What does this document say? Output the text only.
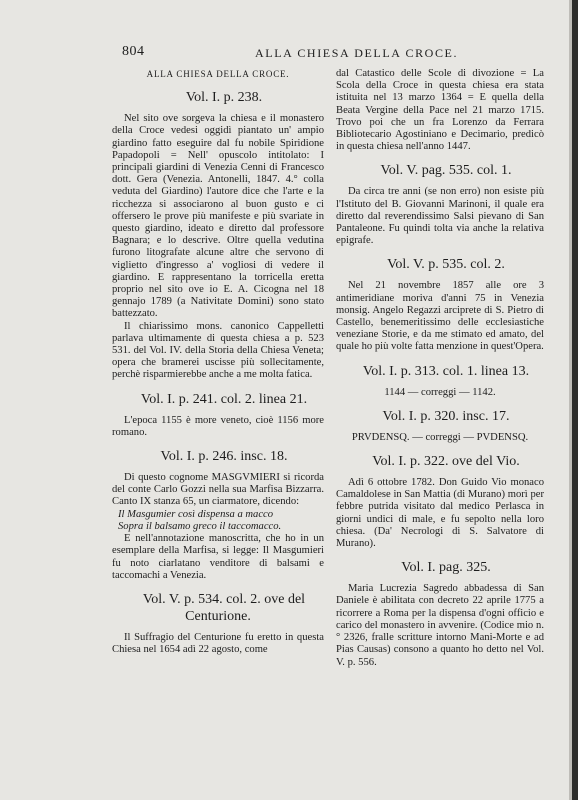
804	ALLA CHIESA DELLA CROCE.

ALLA CHIESA DELLA CROCE.

Vol. I. p. 238.

Nel sito ove sorgeva la chiesa e il monastero della Croce vedesi oggidì piantato un' ampio giardino fatto eseguire dal fu nobile Spiridione Papadopoli = Nell' opuscolo intitolato: I principali giardini di Venezia Cenni di Francesco dott. Gera (Venezia. Antonelli, 1847. 4.° colla veduta del Giardino) l'autore dice che l'arte e la ricchezza si associarono al buon gusto e ci offersero le prove più manifeste e più svariate in questo giardino, ideato e diretto dal professore Bagnara; e lo descrive. Oltre quella vedutina furono litografate alcune altre che servono di viglietto d'ingresso a' vogliosi di vedere il giardino. E rappresentano la torricella eretta proprio nel sito ove io E. A. Cicogna nel 18 gennajo 1789 (a Nativitate Domini) sono stato battezzato.

Il chiarissimo mons. canonico Cappelletti parlava ultimamente di questa chiesa a p. 523 531. del Vol. IV. della Storia della Chiesa Veneta; opera che bramerei uscisse più sollecitamente, perchè risparmierebbe anche a me molta fatica.

Vol. I. p. 241. col. 2. linea 21.

L'epoca 1155 è more veneto, cioè 1156 more romano.

Vol. I. p. 246. insc. 18.

Di questo cognome MASGVMIERI si ricorda del conte Carlo Gozzi nella sua Marfisa Bizzarra. Canto IX stanza 65, un ciarmatore, dicendo:

Il Masgumier così dispensa a macco

Sopra il balsamo greco il taccomacco.

E nell'annotazione manoscritta, che ho in un esemplare della Marfisa, si legge: Il Masgumieri fu noto ciarlatano venditore di balsami e taccomachi a Venezia.

Vol. V. p. 534. col. 2. ove del Centurione.

Il Suffragio del Centurione fu eretto in questa Chiesa nel 1654 adì 22 agosto, come

dal Catastico delle Scole di divozione = La Scola della Croce in questa chiesa era stata istituita nel 13 marzo 1364 = E quella della Beata Vergine della Pace nel 21 marzo 1715. Trovo poi che un fra Lorenzo da Ferrara Bibliotecario Agostiniano e Decimario, predicò in questa chiesa nell'anno 1447.

Vol. V. pag. 535. col. 1.

Da circa tre anni (se non erro) non esiste più l'Istituto del B. Giovanni Marinoni, il quale era diretto dal reverendissimo Salsi pievano di San Pantaleone. Fu quindi tolta via anche la relativa epigrafe.

Vol. V. p. 535. col. 2.

Nel 21 novembre 1857 alle ore 3 antimeridiane moriva d'anni 75 in Venezia monsig. Angelo Regazzi arciprete di S. Pietro di Castello, benemeritissimo delle ecclesiastiche veneziane Storie, e da me stimato ed amato, del quale ho più volte fatta menzione in quest'Opera.

Vol. I. p. 313. col. 1. linea 13.

1144 — correggi — 1142.

Vol. I. p. 320. insc. 17.

PRVDENSQ. — correggi — PVDENSQ.

Vol. I. p. 322. ove del Vio.

Adì 6 ottobre 1782. Don Guido Vio monaco Camaldolese in San Mattia (di Murano) morì per febbre putrida visitato dal medico Perlasca in giorni undici di male, e fu sepolto nella loro chiesa. (Da' Necrologi di S. Salvatore di Murano).

Vol. I. pag. 325.

Maria Lucrezia Sagredo abbadessa di San Daniele è abilitata con decreto 22 aprile 1775 a ricorrere a Roma per la dispensa d'ogni officio e carico del monastero in avvenire. (Codice mio n.° 2326, fralle scritture intorno Mani-Morte e ad Pias Causas) consono a quanto ho detto nel Vol. V. p. 556.
